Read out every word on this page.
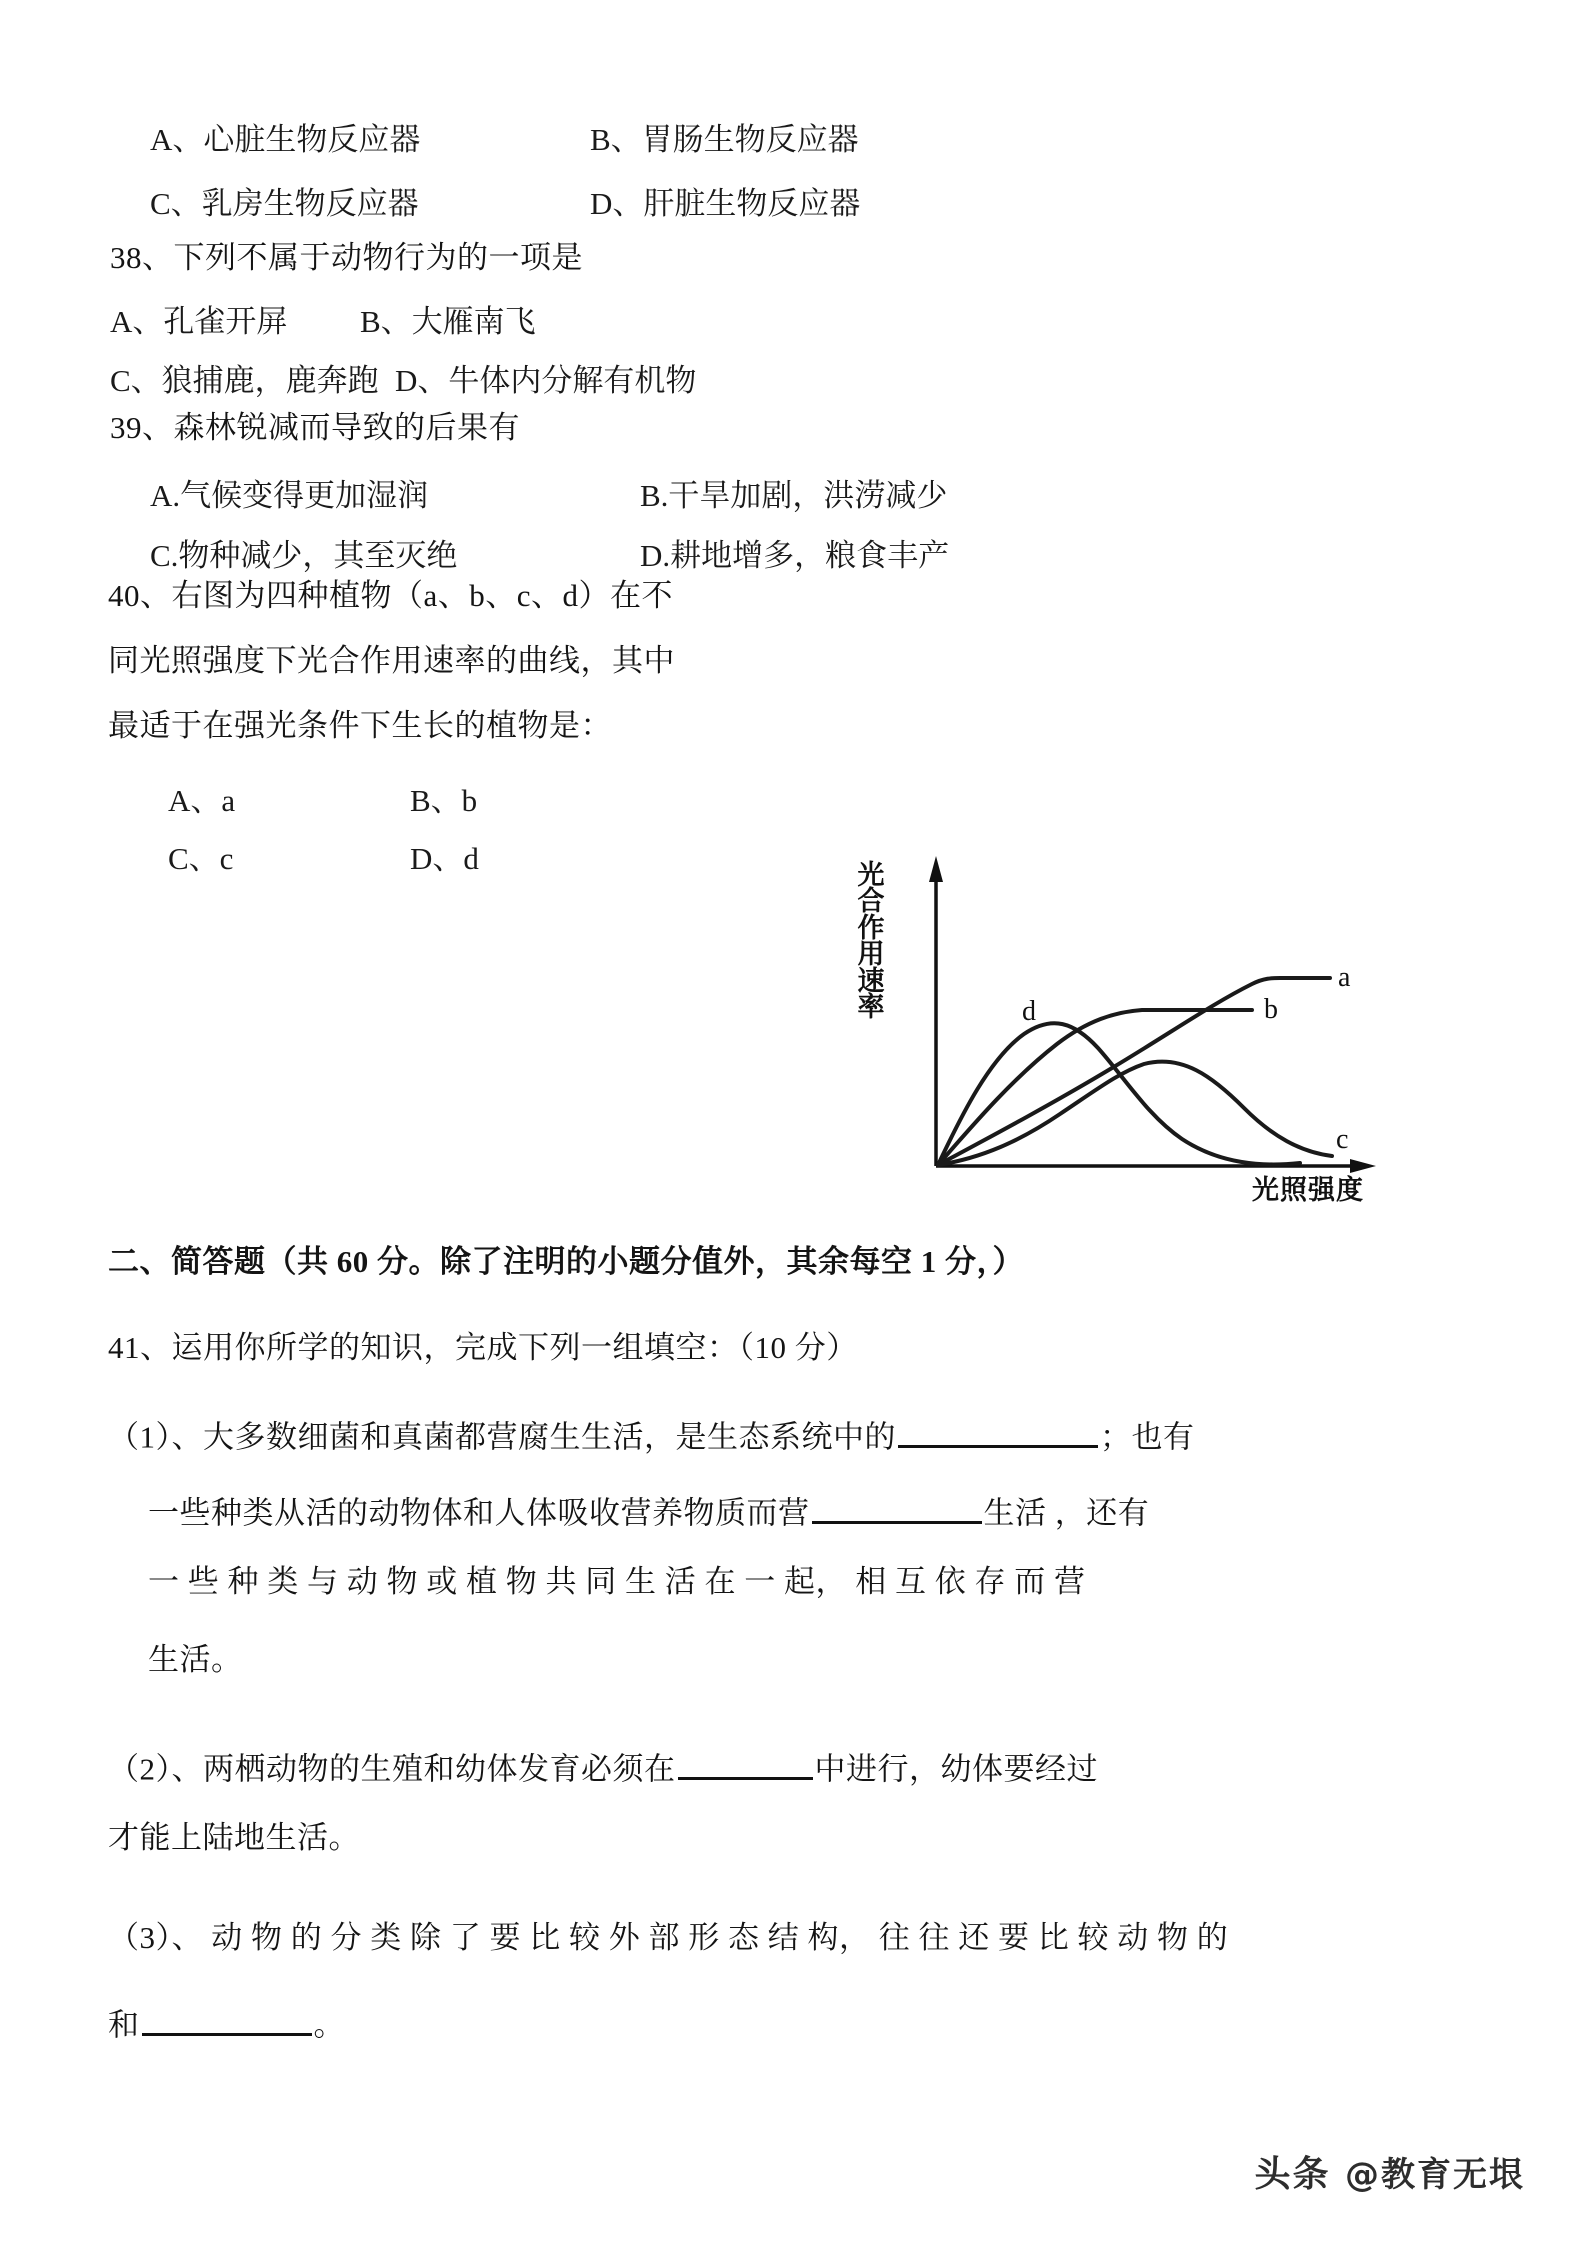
A、心脏生物反应器	B、胃肠生物反应器
C、乳房生物反应器	D、肝脏生物反应器
38、下列不属于动物行为的一项是
A、孔雀开屏	B、大雁南飞
C、狼捕鹿，鹿奔跑 D、牛体内分解有机物
39、森林锐减而导致的后果有
A.气候变得更加湿润	B.干旱加剧，洪涝减少
C.物种减少，其至灭绝	D.耕地增多，粮食丰产
40、右图为四种植物（a、b、c、d）在不
同光照强度下光合作用速率的曲线，其中
最适于在强光条件下生长的植物是：
A、a	B、b
C、c	D、d	光
合
作
用
速
率
a
b
c
d
光照强度
二、简答题（共 60 分。除了注明的小题分值外，其余每空 1 分，）
41、运用你所学的知识，完成下列一组填空：（10 分）
（1）、大多数细菌和真菌都营腐生生活，是生态系统中的	；也有
一些种类从活的动物体和人体吸收营养物质而营	生活 ，还有
一 些 种 类 与 动 物 或 植 物 共 同 生 活 在 一 起， 相 互 依 存 而 营
生活。
（2）、两栖动物的生殖和幼体发育必须在	中进行，幼体要经过
才能上陆地生活。
（3）、 动 物 的 分 类 除 了 要 比 较 外 部 形 态 结 构， 往 往 还 要 比 较 动 物 的
和	。
头条 @教育无垠
